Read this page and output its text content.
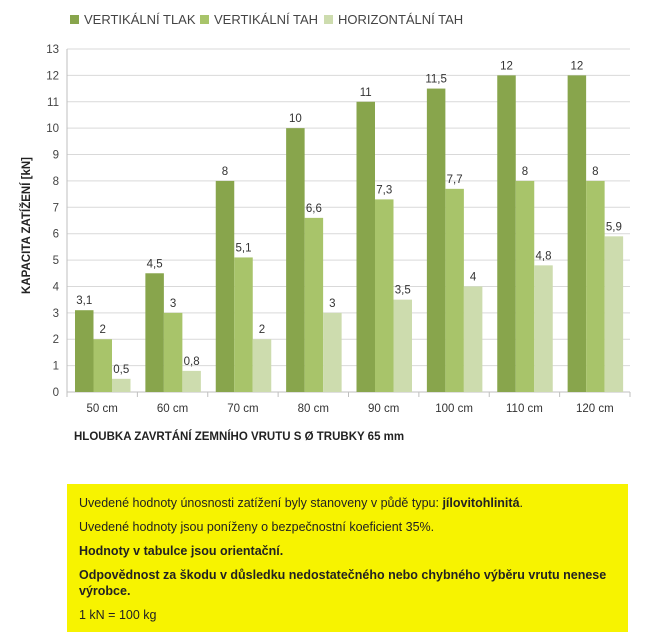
VERTIKÁLNÍ TLAK VERTIKÁLNÍ TAH HORIZONTÁLNÍ TAH
0
1
2
3
4
5
6
7
8
9
10
11
12
13
3,1
2
0,5
50 cm
4,5
3
0,8
60 cm
8
5,1
2
70 cm
10
6,6
3
80 cm
11
7,3
3,5
90 cm
11,5
7,7
4
100 cm
12
8
4,8
110 cm
12
8
5,9
120 cm
HLOUBKA ZAVRTÁNÍ ZEMNÍHO VRUTU S Ø TRUBKY 65 mm
KAPACITA ZATÍŽENÍ [kN]

Uvedené hodnoty únosnosti zatížení byly stanoveny v půdě typu: jílovitohlinitá.

Uvedené hodnoty jsou poníženy o bezpečnostní koeficient 35%.

Hodnoty v tabulce jsou orientační.

Odpovědnost za škodu v důsledku nedostatečného nebo chybného výběru vrutu nenese výrobce.

1 kN = 100 kg
